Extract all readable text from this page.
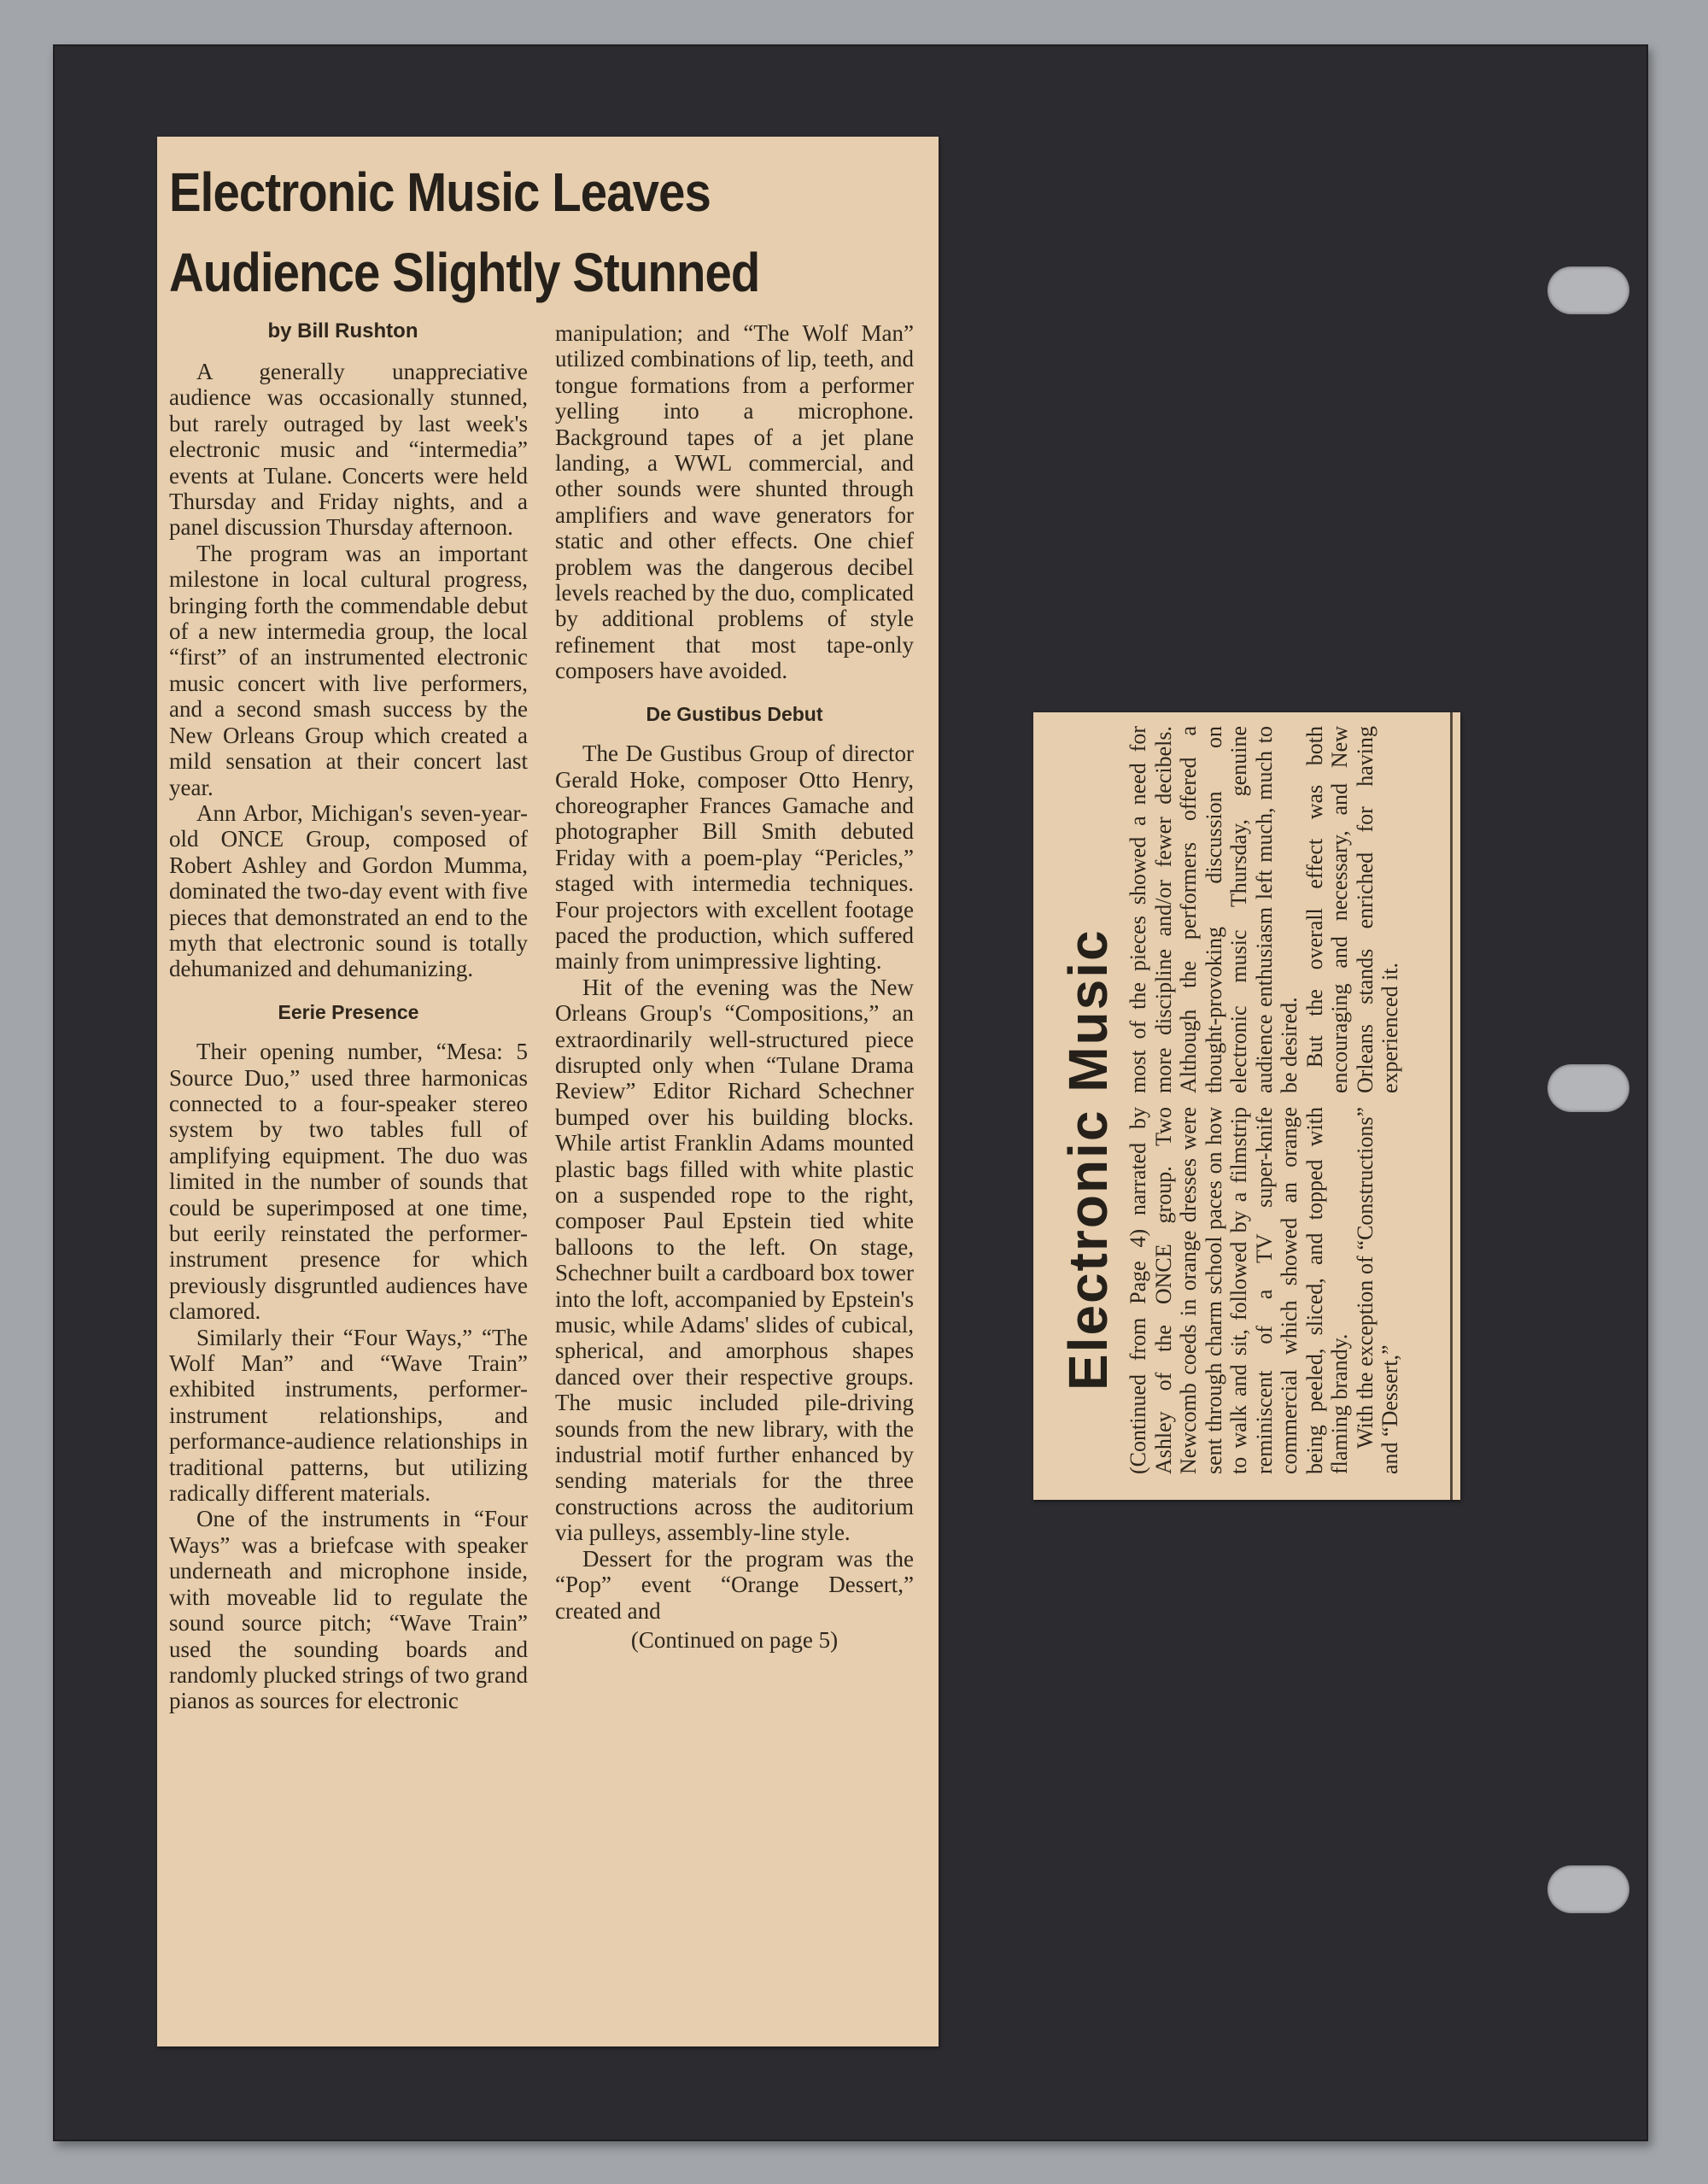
Electronic Music Leaves
Audience Slightly Stunned
by Bill Rushton

A generally unappreciative audience was occasionally stunned, but rarely outraged by last week's electronic music and “intermedia” events at Tulane. Concerts were held Thursday and Friday nights, and a panel discussion Thursday afternoon.

The program was an important milestone in local cultural progress, bringing forth the commendable debut of a new intermedia group, the local “first” of an instrumented electronic music concert with live performers, and a second smash success by the New Orleans Group which created a mild sensation at their concert last year.

Ann Arbor, Michigan's seven-year-old ONCE Group, composed of Robert Ashley and Gordon Mumma, dominated the two-day event with five pieces that demonstrated an end to the myth that electronic sound is totally dehumanized and dehumanizing.

Eerie Presence

Their opening number, “Mesa: 5 Source Duo,” used three harmonicas connected to a four-speaker stereo system by two tables full of amplifying equipment. The duo was limited in the number of sounds that could be superimposed at one time, but eerily reinstated the performer-instrument presence for which previously disgruntled audiences have clamored.

Similarly their “Four Ways,” “The Wolf Man” and “Wave Train” exhibited instruments, performer-instrument relationships, and performance-audience relationships in traditional patterns, but utilizing radically different materials.

One of the instruments in “Four Ways” was a briefcase with speaker underneath and microphone inside, with moveable lid to regulate the sound source pitch; “Wave Train” used the sounding boards and randomly plucked strings of two grand pianos as sources for electronic

manipulation; and “The Wolf Man” utilized combinations of lip, teeth, and tongue formations from a performer yelling into a microphone. Background tapes of a jet plane landing, a WWL commercial, and other sounds were shunted through amplifiers and wave generators for static and other effects. One chief problem was the dangerous decibel levels reached by the duo, complicated by additional problems of style refinement that most tape-only composers have avoided.

De Gustibus Debut

The De Gustibus Group of director Gerald Hoke, composer Otto Henry, choreographer Frances Gamache and photographer Bill Smith debuted Friday with a poem-play “Pericles,” staged with intermedia techniques. Four projectors with excellent footage paced the production, which suffered mainly from unimpressive lighting.

Hit of the evening was the New Orleans Group's “Compositions,” an extraordinarily well-structured piece disrupted only when “Tulane Drama Review” Editor Richard Schechner bumped over his building blocks. While artist Franklin Adams mounted plastic bags filled with white plastic on a suspended rope to the right, composer Paul Epstein tied white balloons to the left. On stage, Schechner built a cardboard box tower into the loft, accompanied by Epstein's music, while Adams' slides of cubical, spherical, and amorphous shapes danced over their respective groups. The music included pile-driving sounds from the new library, with the industrial motif further enhanced by sending materials for the three constructions across the auditorium via pulleys, assembly-line style.

Dessert for the program was the “Pop” event “Orange Dessert,” created and

(Continued on page 5)

Electronic Music (Continued from Page 4) narrated by Ashley of the ONCE group. Two Newcomb coeds in orange dresses were sent through charm school paces on how to walk and sit, followed by a filmstrip reminiscent of a TV super-knife commercial which showed an orange being peeled, sliced, and topped with flaming brandy. With the exception of “Constructions” and “Dessert,”

most of the pieces showed a need for more discipline and/or fewer decibels. Although the performers offered a thought-provoking discussion on electronic music Thursday, genuine audience enthusiasm left much, much to be desired. But the overall effect was both encouraging and necessary, and New Orleans stands enriched for having experienced it.
